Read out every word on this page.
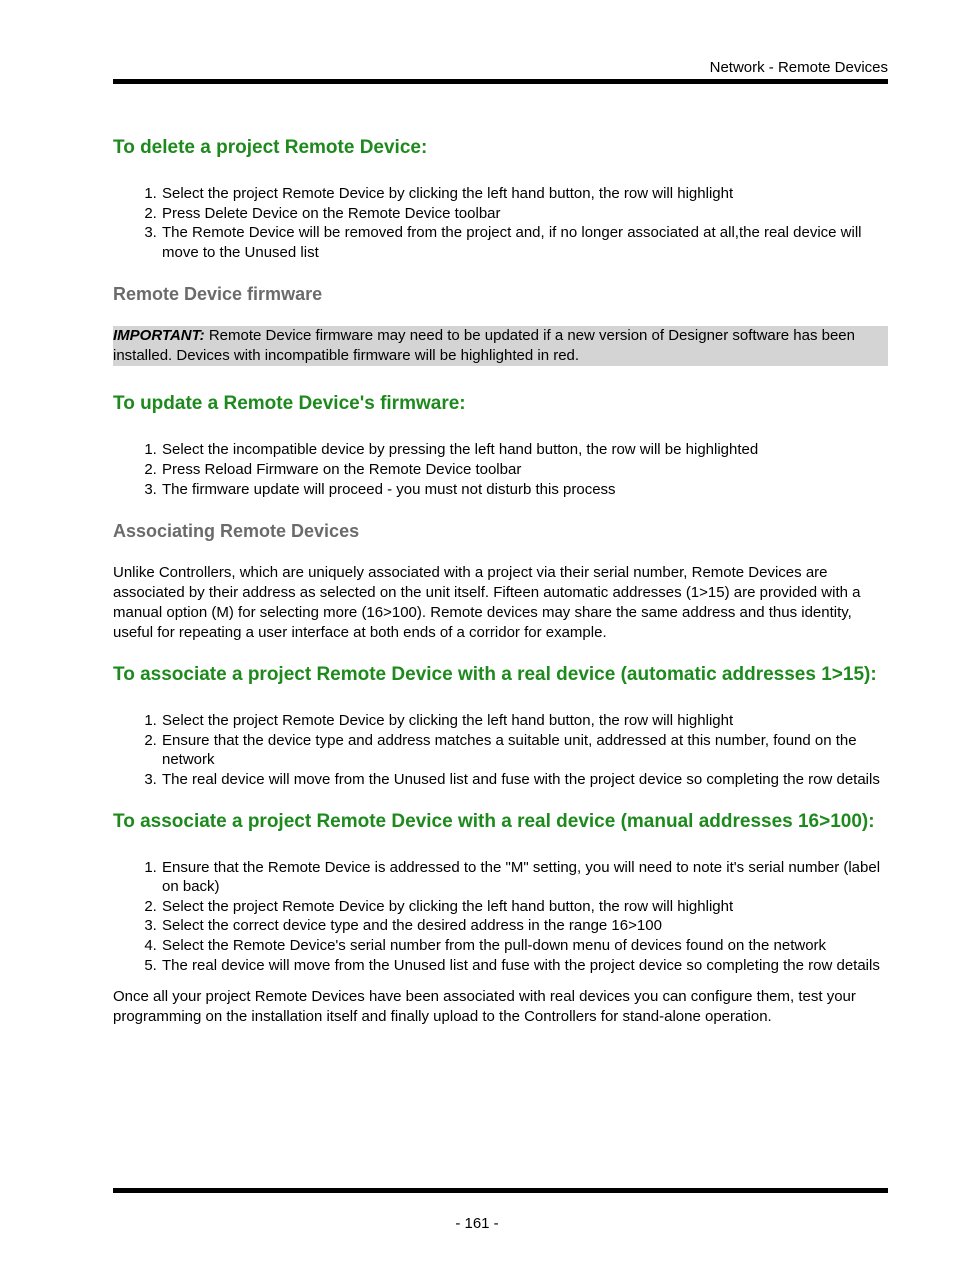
Network - Remote Devices
To delete a project Remote Device:
1. Select the project Remote Device by clicking the left hand button, the row will highlight
2. Press Delete Device on the Remote Device toolbar
3. The Remote Device will be removed from the project and, if no longer associated at all,the real device will move to the Unused list
Remote Device firmware
IMPORTANT: Remote Device firmware may need to be updated if a new version of Designer software has been installed. Devices with incompatible firmware will be highlighted in red.
To update a Remote Device's firmware:
1. Select the incompatible device by pressing the left hand button, the row will be highlighted
2. Press Reload Firmware on the Remote Device toolbar
3. The firmware update will proceed - you must not disturb this process
Associating Remote Devices

Unlike Controllers, which are uniquely associated with a project via their serial number, Remote Devices are associated by their address as selected on the unit itself. Fifteen automatic addresses (1>15) are provided with a manual option (M) for selecting more (16>100). Remote devices may share the same address and thus identity, useful for repeating a user interface at both ends of a corridor for example.

To associate a project Remote Device with a real device (automatic addresses 1>15):
1. Select the project Remote Device by clicking the left hand button, the row will highlight
2. Ensure that the device type and address matches a suitable unit, addressed at this number, found on the network
3. The real device will move from the Unused list and fuse with the project device so completing the row details
To associate a project Remote Device with a real device (manual addresses 16>100):
1. Ensure that the Remote Device is addressed to the "M" setting, you will need to note it's serial number (label on back)
2. Select the project Remote Device by clicking the left hand button, the row will highlight
3. Select the correct device type and the desired address in the range 16>100
4. Select the Remote Device's serial number from the pull-down menu of devices found on the network
5. The real device will move from the Unused list and fuse with the project device so completing the row details

Once all your project Remote Devices have been associated with real devices you can configure them, test your programming on the installation itself and finally upload to the Controllers for stand-alone operation.

- 161 -
